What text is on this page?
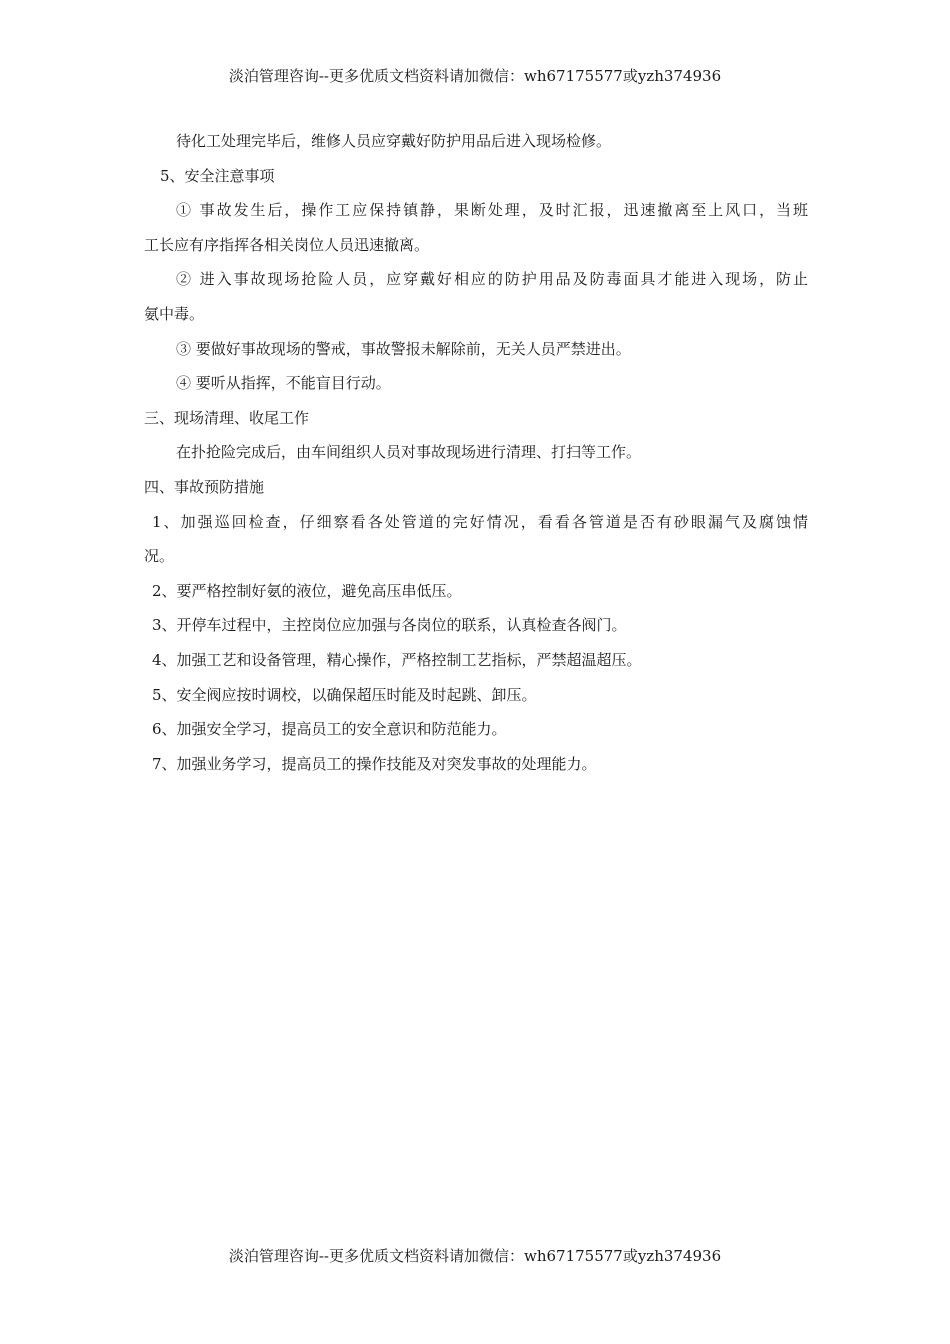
淡泊管理咨询--更多优质文档资料请加微信：wh67175577或yzh374936
待化工处理完毕后，维修人员应穿戴好防护用品后进入现场检修。
5、安全注意事项
① 事故发生后，操作工应保持镇静，果断处理，及时汇报，迅速撤离至上风口，当班
工长应有序指挥各相关岗位人员迅速撤离。
② 进入事故现场抢险人员，应穿戴好相应的防护用品及防毒面具才能进入现场，防止
氨中毒。
③ 要做好事故现场的警戒，事故警报未解除前，无关人员严禁进出。
④ 要听从指挥，不能盲目行动。
三、现场清理、收尾工作
在扑抢险完成后，由车间组织人员对事故现场进行清理、打扫等工作。
四、事故预防措施
1、加强巡回检查，仔细察看各处管道的完好情况，看看各管道是否有砂眼漏气及腐蚀情
况。
2、要严格控制好氨的液位，避免高压串低压。
3、开停车过程中，主控岗位应加强与各岗位的联系，认真检查各阀门。
4、加强工艺和设备管理，精心操作，严格控制工艺指标，严禁超温超压。
5、安全阀应按时调校，以确保超压时能及时起跳、卸压。
6、加强安全学习，提高员工的安全意识和防范能力。
7、加强业务学习，提高员工的操作技能及对突发事故的处理能力。
淡泊管理咨询--更多优质文档资料请加微信：wh67175577或yzh374936
